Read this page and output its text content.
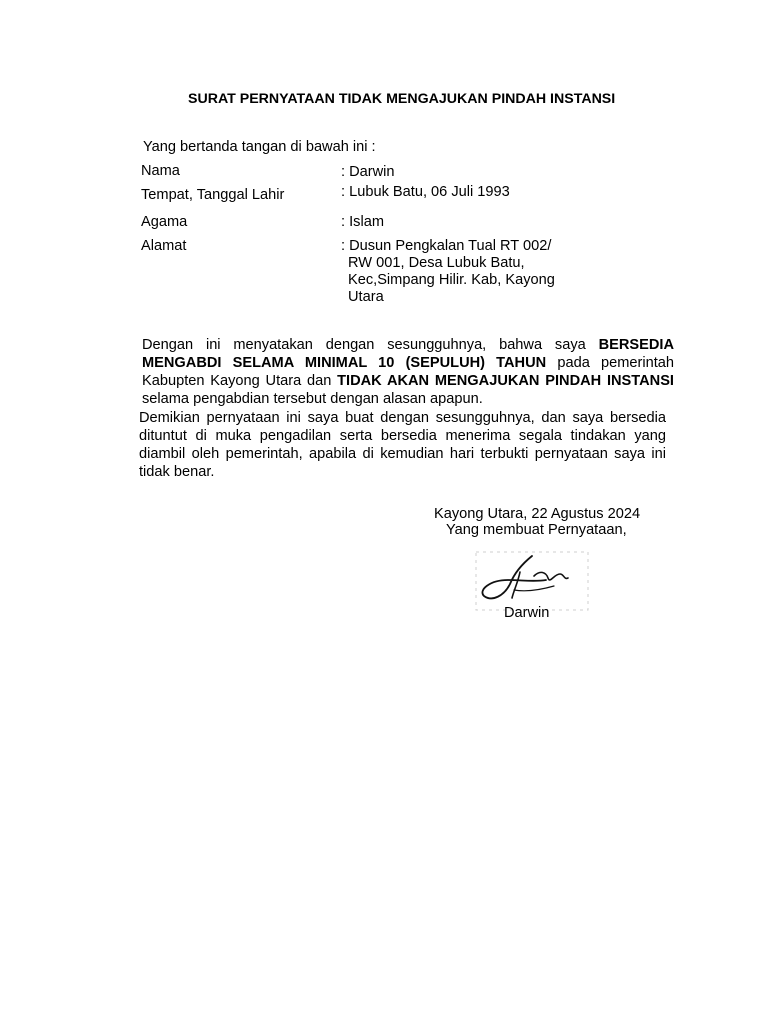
SURAT PERNYATAAN TIDAK MENGAJUKAN PINDAH INSTANSI
Yang bertanda tangan di bawah ini :
Nama	: Darwin
Tempat, Tanggal Lahir	: Lubuk Batu, 06 Juli 1993
Agama	: Islam
Alamat	: Dusun Pengkalan Tual RT 002/
RW 001, Desa Lubuk Batu,
Kec,Simpang Hilir. Kab, Kayong
Utara
Dengan ini menyatakan dengan sesungguhnya, bahwa saya BERSEDIA MENGABDI SELAMA MINIMAL 10 (SEPULUH) TAHUN pada pemerintah Kabupten Kayong Utara dan TIDAK AKAN MENGAJUKAN PINDAH INSTANSI selama pengabdian tersebut dengan alasan apapun.
Demikian pernyataan ini saya buat dengan sesungguhnya, dan saya bersedia dituntut di muka pengadilan serta bersedia menerima segala tindakan yang diambil oleh pemerintah, apabila di kemudian hari terbukti pernyataan saya ini tidak benar.
Kayong Utara, 22 Agustus 2024
Yang membuat Pernyataan,
Darwin
